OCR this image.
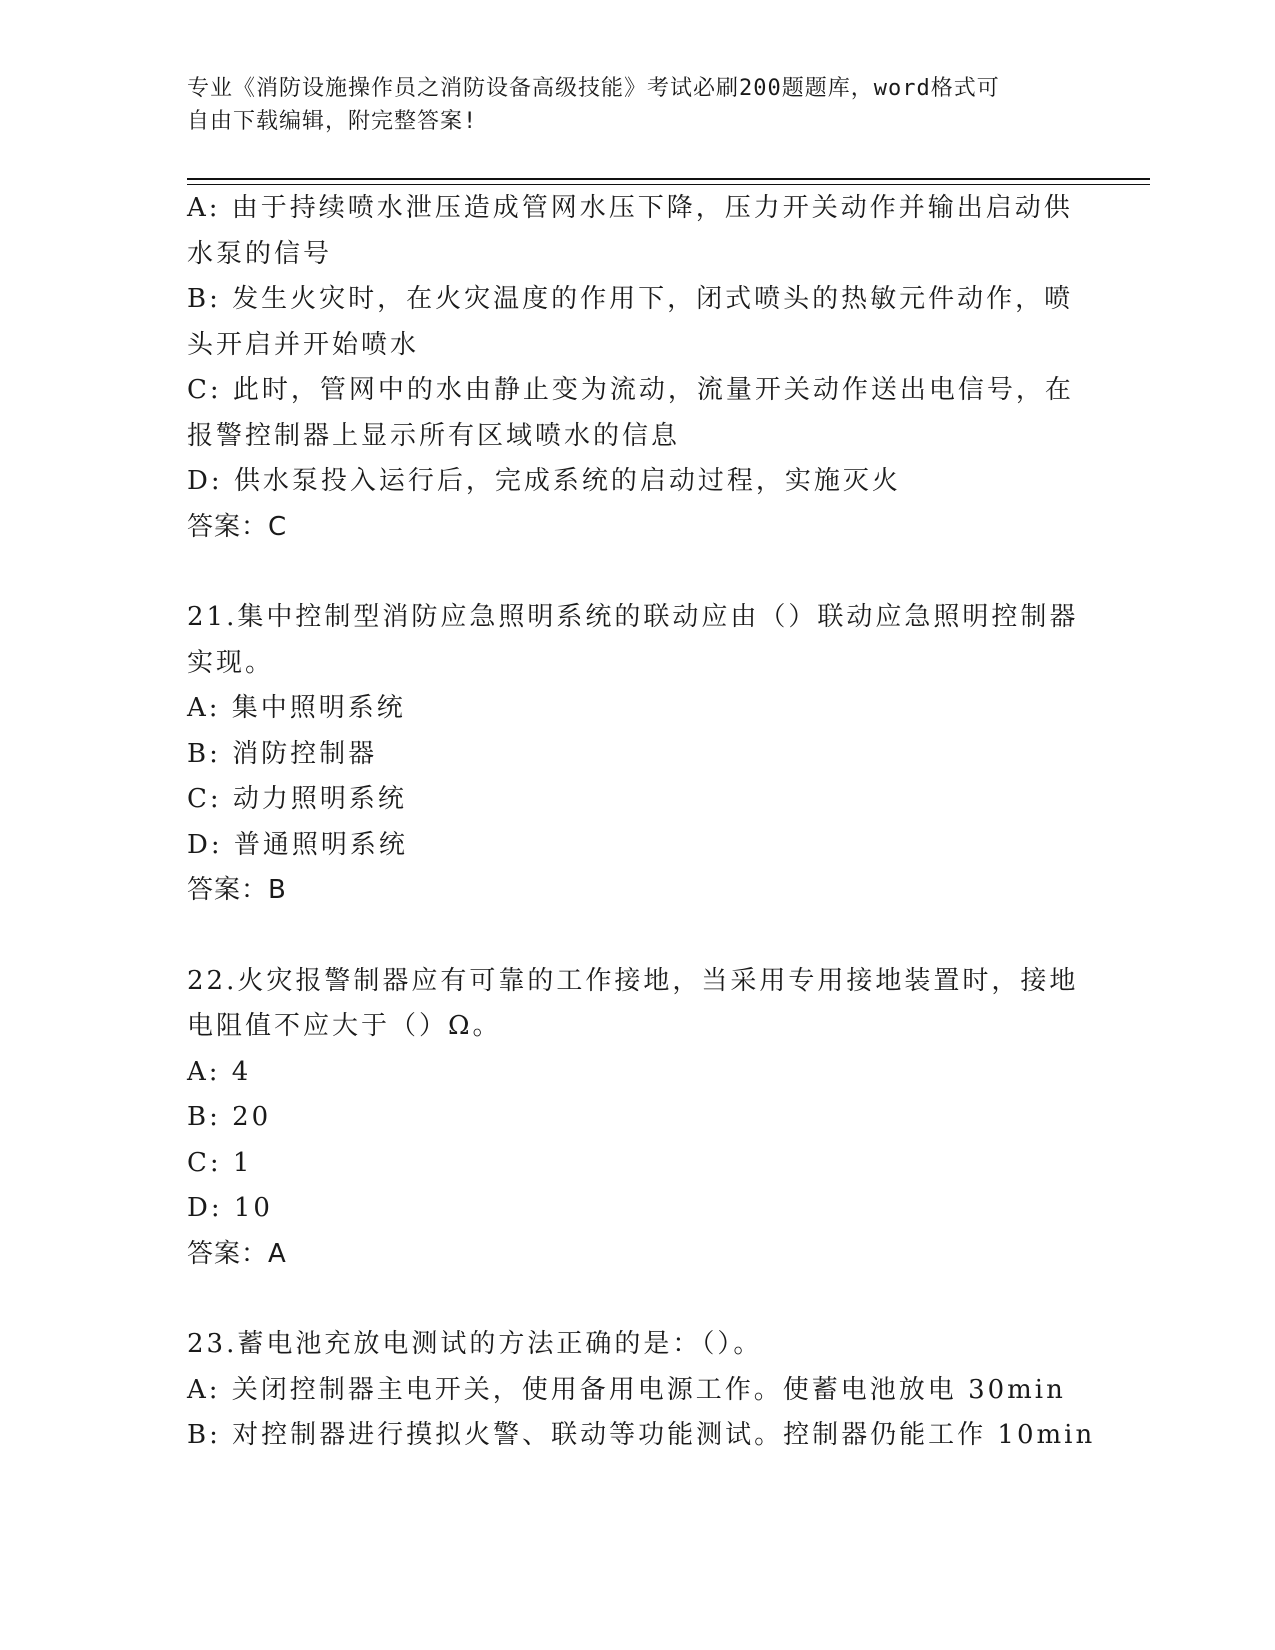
专业《消防设施操作员之消防设备高级技能》考试必刷200题题库，word格式可
自由下载编辑，附完整答案!
A: 由于持续喷水泄压造成管网水压下降，压力开关动作并输出启动供
水泵的信号
B: 发生火灾时，在火灾温度的作用下，闭式喷头的热敏元件动作，喷
头开启并开始喷水
C: 此时，管网中的水由静止变为流动，流量开关动作送出电信号，在
报警控制器上显示所有区域喷水的信息
D: 供水泵投入运行后，完成系统的启动过程，实施灭火
答案：C
21.集中控制型消防应急照明系统的联动应由（）联动应急照明控制器
实现。
A: 集中照明系统
B: 消防控制器
C: 动力照明系统
D: 普通照明系统
答案：B
22.火灾报警制器应有可靠的工作接地，当采用专用接地装置时，接地
电阻值不应大于（）Ω。
A: 4
B: 20
C: 1
D: 10
答案：A
23.蓄电池充放电测试的方法正确的是：（）。
A: 关闭控制器主电开关，使用备用电源工作。使蓄电池放电 30min
B: 对控制器进行摸拟火警、联动等功能测试。控制器仍能工作 10min
